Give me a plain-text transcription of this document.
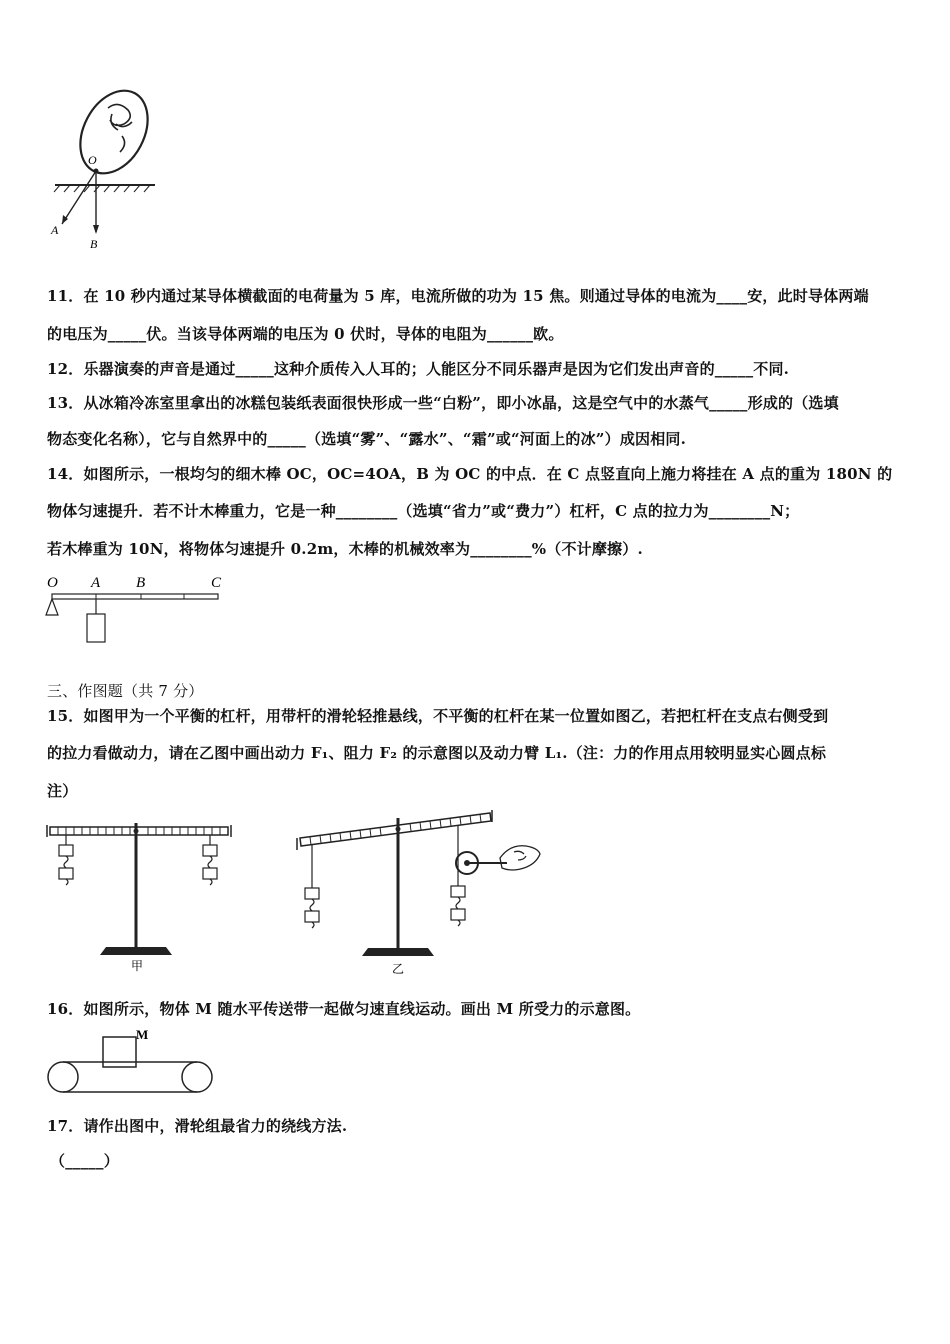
O
A
B
11．在 10 秒内通过某导体横截面的电荷量为 5 库，电流所做的功为 15 焦。则通过导体的电流为____安，此时导体两端
的电压为_____伏。当该导体两端的电压为 0 伏时，导体的电阻为______欧。
12．乐器演奏的声音是通过_____这种介质传入人耳的；人能区分不同乐器声是因为它们发出声音的_____不同.
13．从冰箱冷冻室里拿出的冰糕包装纸表面很快形成一些“白粉”，即小冰晶，这是空气中的水蒸气_____形成的（选填
物态变化名称），它与自然界中的_____（选填“雾”、“露水”、“霜”或“河面上的冰”）成因相同.
14．如图所示，一根均匀的细木棒 OC，OC=4OA，B 为 OC 的中点．在 C 点竖直向上施力将挂在 A 点的重为 180N 的
物体匀速提升．若不计木棒重力，它是一种________（选填“省力”或“费力”）杠杆，C 点的拉力为________N；
若木棒重为 10N，将物体匀速提升 0.2m，木棒的机械效率为________%（不计摩擦）.
O A B	C
三、作图题（共 7 分）
15．如图甲为一个平衡的杠杆，用带杆的滑轮轻推悬线，不平衡的杠杆在某一位置如图乙，若把杠杆在支点右侧受到
的拉力看做动力，请在乙图中画出动力 F₁、阻力 F₂ 的示意图以及动力臂 L₁.（注：力的作用点用较明显实心圆点标
注）
甲	乙
16．如图所示，物体 M 随水平传送带一起做匀速直线运动。画出 M 所受力的示意图。
M
17．请作出图中，滑轮组最省力的绕线方法.
（_____）
